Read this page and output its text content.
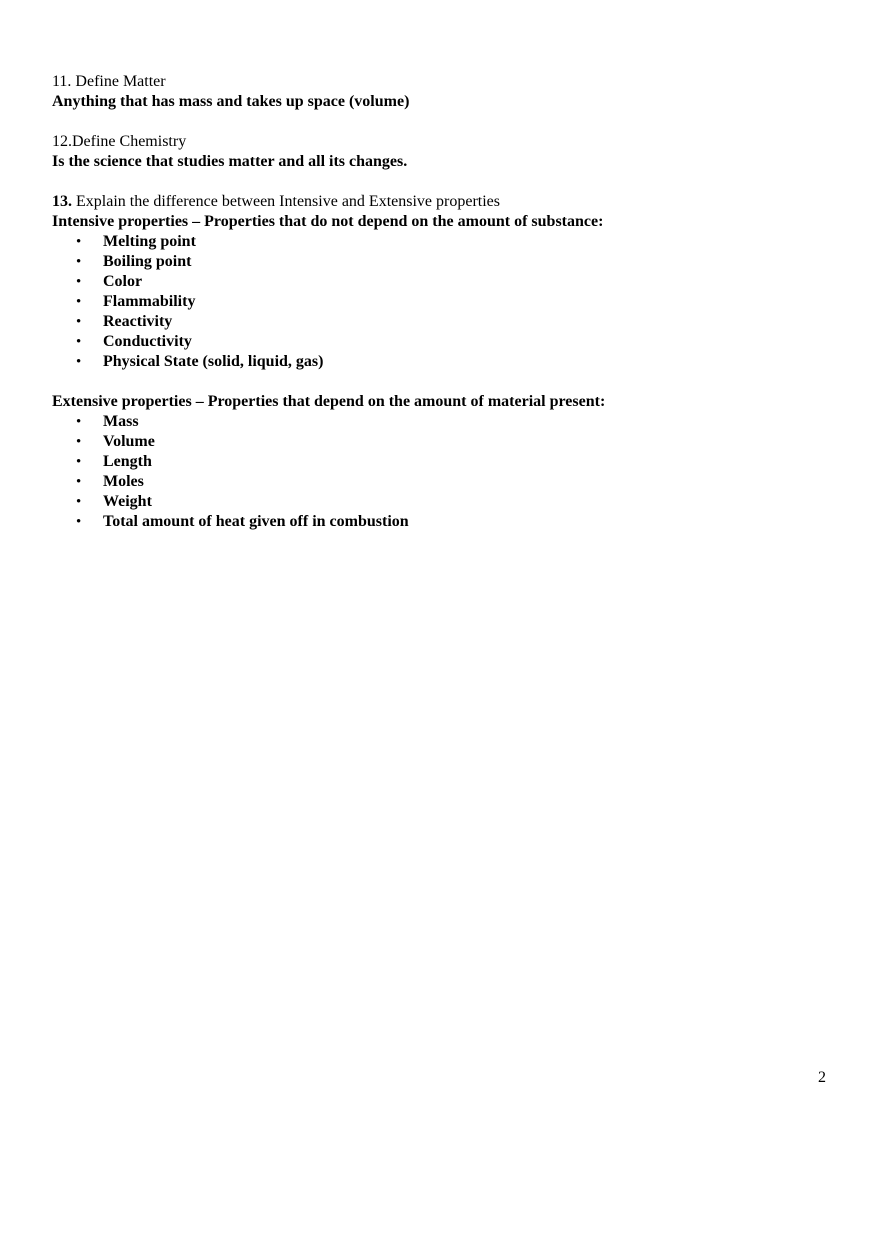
11. Define Matter
Anything that has mass and takes up space (volume)
12.Define Chemistry
Is the science that studies matter and all its changes.
13. Explain the difference between Intensive and Extensive properties
Intensive properties – Properties that do not depend on the amount of substance:
• Melting point
• Boiling point
• Color
• Flammability
• Reactivity
• Conductivity
• Physical State (solid, liquid, gas)
Extensive properties – Properties that depend on the amount of material present:
• Mass
• Volume
• Length
• Moles
• Weight
• Total amount of heat given off in combustion
2
